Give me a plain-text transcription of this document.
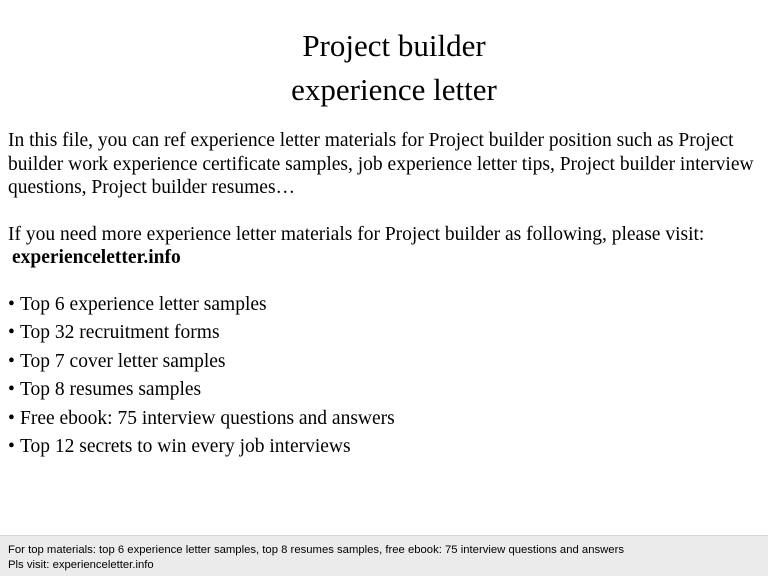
Project builder
experience letter

In this file, you can ref experience letter materials for Project builder position such as Project builder work experience certificate samples, job experience letter tips, Project builder interview questions, Project builder resumes…

If you need more experience letter materials for Project builder as following, please visit: experienceletter.info

• Top 6 experience letter samples
• Top 32 recruitment forms
• Top 7 cover letter samples
• Top 8 resumes samples
• Free ebook: 75 interview questions and answers
• Top 12 secrets to win every job interviews
For top materials: top 6 experience letter samples, top 8 resumes samples, free ebook: 75 interview questions and answers
Pls visit: experienceletter.info
